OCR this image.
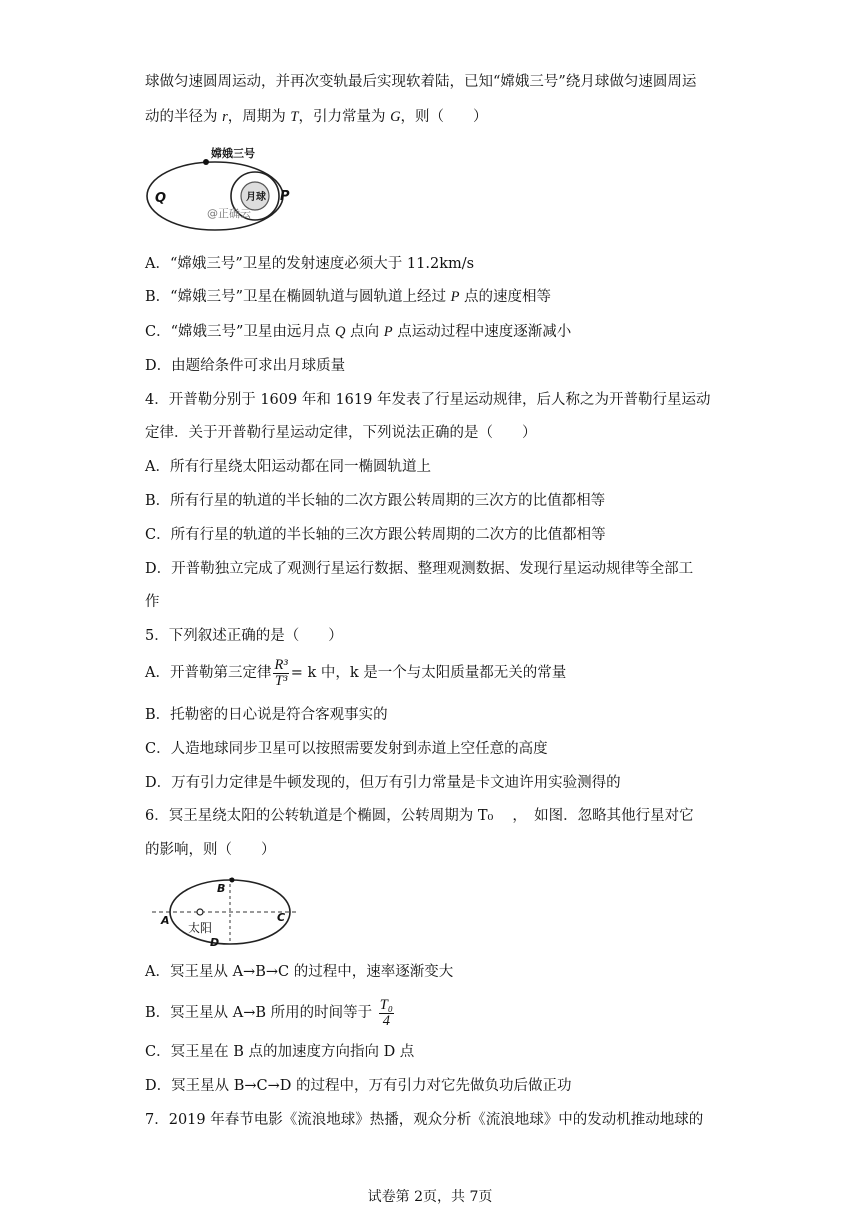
球做匀速圆周运动，并再次变轨最后实现软着陆，已知“嫦娥三号”绕月球做匀速圆周运
动的半径为 r，周期为 T，引力常量为 G，则（　　）
嫦娥三号
月球
Q	P
@正确云
A．“嫦娥三号”卫星的发射速度必须大于 11.2km/s
B．“嫦娥三号”卫星在椭圆轨道与圆轨道上经过 P 点的速度相等
C．“嫦娥三号”卫星由远月点 Q 点向 P 点运动过程中速度逐渐减小
D．由题给条件可求出月球质量
4．开普勒分别于 1609 年和 1619 年发表了行星运动规律，后人称之为开普勒行星运动
定律．关于开普勒行星运动定律，下列说法正确的是（　　）
A．所有行星绕太阳运动都在同一椭圆轨道上
B．所有行星的轨道的半长轴的二次方跟公转周期的三次方的比值都相等
C．所有行星的轨道的半长轴的三次方跟公转周期的二次方的比值都相等
D．开普勒独立完成了观测行星运行数据、整理观测数据、发现行星运动规律等全部工
作
5．下列叙述正确的是（　　）
A．开普勒第三定律 $\frac{\text{R³}}{\text{T³}} = k$ 中，k 是一个与太阳质量都无关的常量
B．托勒密的日心说是符合客观事实的
C．人造地球同步卫星可以按照需要发射到赤道上空任意的高度
D．万有引力定律是牛顿发现的，但万有引力常量是卡文迪许用实验测得的
6．冥王星绕太阳的公转轨道是个椭圆，公转周期为 T₀　 ，　如图．忽略其他行星对它
的影响，则（　　）
A
B
C
D
太阳
A．冥王星从 A→B→C 的过程中，速率逐渐变大
B．冥王星从 A→B 所用的时间等于 $\frac{\text{T₀}}{4}$
C．冥王星在 B 点的加速度方向指向 D 点
D．冥王星从 B→C→D 的过程中，万有引力对它先做负功后做正功
7．2019 年春节电影《流浪地球》热播，观众分析《流浪地球》中的发动机推动地球的
试卷第 2页，共 7页
